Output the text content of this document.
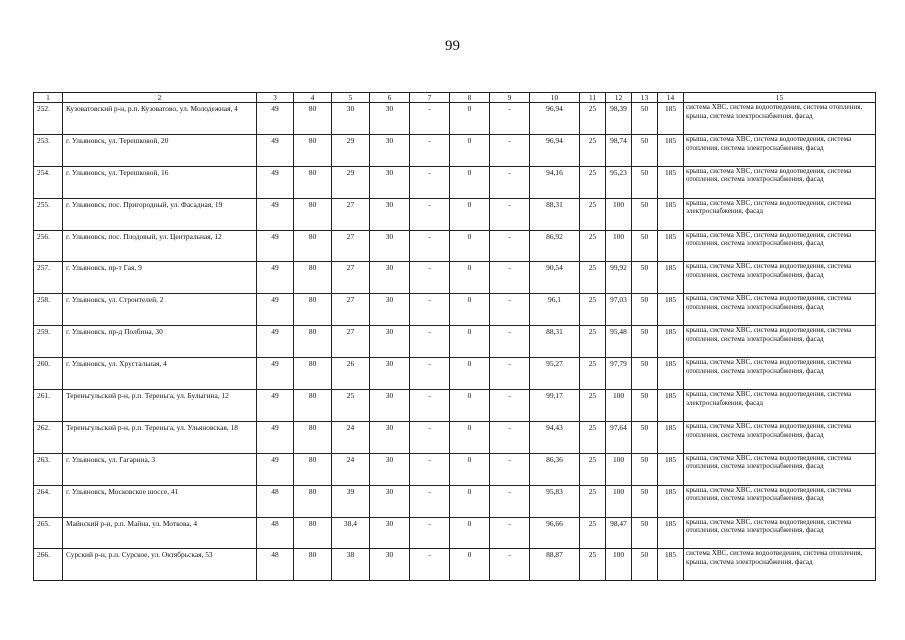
99
1	2	3	4	5	6	7	8	9	10	11	12	13	14	15
252.	Кузоватовский р-н, р.п. Кузоватово, ул. Молодежная, 4	49	80	30	30	-	0	-	96,94	25	98,39	50	185	система ХВС, система водоотведения, система отопления, крыша, система электроснабжения, фасад
253.	г. Ульяновск, ул. Терешковой, 20	49	80	29	30	-	0	-	96,94	25	98,74	50	185	крыша, система ХВС, система водоотведения, система отопления, система электроснабжения, фасад
254.	г. Ульяновск, ул. Терешковой, 16	49	80	29	30	-	0	-	94,16	25	95,23	50	185	крыша, система ХВС, система водоотведения, система отопления, система электроснабжения, фасад
255.	г. Ульяновск, пос. Пригородный, ул. Фасадная, 19	49	80	27	30	-	0	-	88,31	25	100	50	185	крыша, система ХВС, система водоотведения, система электроснабжения, фасад
256.	г. Ульяновск, пос. Плодовый, ул. Центральная, 12	49	80	27	30	-	0	-	86,92	25	100	50	185	крыша, система ХВС, система водоотведения, система отопления, система электроснабжения, фасад
257.	г. Ульяновск, пр-т Гая, 9	49	80	27	30	-	0	-	90,54	25	99,92	50	185	крыша, система ХВС, система водоотведения, система отопления, система электроснабжения, фасад
258.	г. Ульяновск, ул. Строителей, 2	49	80	27	30	-	0	-	96,1	25	97,03	50	185	крыша, система ХВС, система водоотведения, система отопления, система электроснабжения, фасад
259.	г. Ульяновск, пр-д Полбина, 30	49	80	27	30	-	0	-	88,31	25	95,48	50	185	крыша, система ХВС, система водоотведения, система отопления, система электроснабжения, фасад
260.	г. Ульяновск, ул. Хрустальная, 4	49	80	26	30	-	0	-	95,27	25	97,79	50	185	крыша, система ХВС, система водоотведения, система отопления, система электроснабжения, фасад
261.	Тереньгульский р-н, р.п. Тереньга, ул. Булыгина, 12	49	80	25	30	-	0	-	99,17	25	100	50	185	крыша, система ХВС, система водоотведения, система электроснабжения, фасад
262.	Тереньгульский р-н, р.п. Тереньга, ул. Ульяновская, 18	49	80	24	30	-	0	-	94,43	25	97,64	50	185	крыша, система ХВС, система водоотведения, система отопления, система электроснабжения, фасад
263.	г. Ульяновск, ул. Гагарина, 3	49	80	24	30	-	0	-	86,36	25	100	50	185	крыша, система ХВС, система водоотведения, система отопления, система электроснабжения, фасад
264.	г. Ульяновск, Московское шоссе, 41	48	80	39	30	-	0	-	95,83	25	100	50	185	крыша, система ХВС, система водоотведения, система отопления, система электроснабжения, фасад
265.	Майнский р-н, р.п. Майна, ул. Моткова, 4	48	80	38,4	30	-	0	-	96,66	25	98,47	50	185	крыша, система ХВС, система водоотведения, система отопления, система электроснабжения, фасад
266.	Сурский р-н, р.п. Сурское, ул. Октябрьская, 53	48	80	38	30	-	0	-	88,87	25	100	50	185	система ХВС, система водоотведения, система отопления, крыша, система электроснабжения, фасад
